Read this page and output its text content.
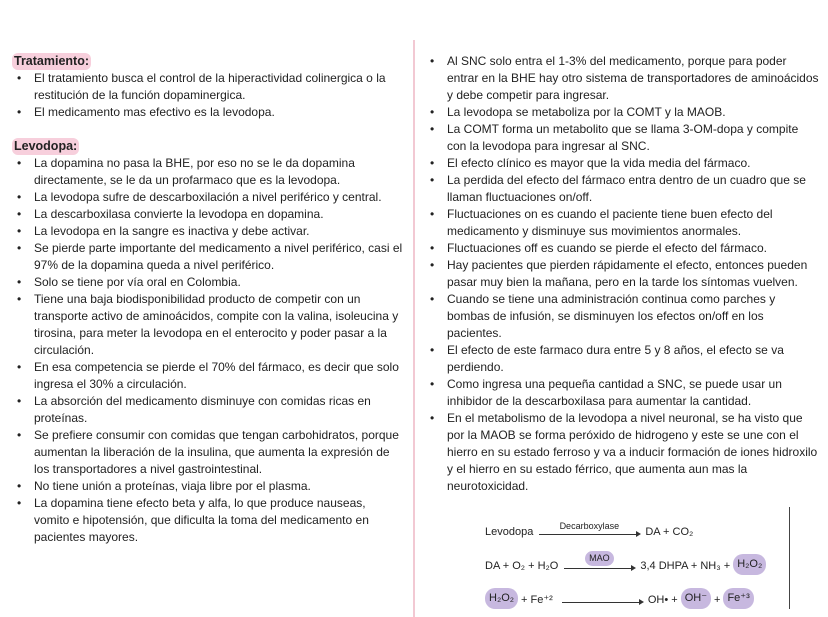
Tratamiento:
• El tratamiento busca el control de la hiperactividad colinergica o la restitución de la función dopaminergica.
• El medicamento mas efectivo es la levodopa.
Levodopa:
• La dopamina no pasa la BHE, por eso no se le da dopamina directamente, se le da un profarmaco que es la levodopa.
• La levodopa sufre de descarboxilación a nivel periférico y central.
• La descarboxilasa convierte la levodopa en dopamina.
• La levodopa en la sangre es inactiva y debe activar.
• Se pierde parte importante del medicamento a nivel periférico, casi el 97% de la dopamina queda a nivel periférico.
• Solo se tiene por vía oral en Colombia.
• Tiene una baja biodisponibilidad producto de competir con un transporte activo de aminoácidos, compite con la valina, isoleucina y tirosina, para meter la levodopa en el enterocito y poder pasar a la circulación.
• En esa competencia se pierde el 70% del fármaco, es decir que solo ingresa el 30% a circulación.
• La absorción del medicamento disminuye con comidas ricas en proteínas.
• Se prefiere consumir con comidas que tengan carbohidratos, porque aumentan la liberación de la insulina, que aumenta la expresión de los transportadores a nivel gastrointestinal.
• No tiene unión a proteínas, viaja libre por el plasma.
• La dopamina tiene efecto beta y alfa, lo que produce nauseas, vomito e hipotensión, que dificulta la toma del medicamento en pacientes mayores.
• Al SNC solo entra el 1-3% del medicamento, porque para poder entrar en la BHE hay otro sistema de transportadores de aminoácidos y debe competir para ingresar.
• La levodopa se metaboliza por la COMT y la MAOB.
• La COMT forma un metabolito que se llama 3-OM-dopa y compite con la levodopa para ingresar al SNC.
• El efecto clínico es mayor que la vida media del fármaco.
• La perdida del efecto del fármaco entra dentro de un cuadro que se llaman fluctuaciones on/off.
• Fluctuaciones on es cuando el paciente tiene buen efecto del medicamento y disminuye sus movimientos anormales.
• Fluctuaciones off es cuando se pierde el efecto del fármaco.
• Hay pacientes que pierden rápidamente el efecto, entonces pueden pasar muy bien la mañana, pero en la tarde los síntomas vuelven.
• Cuando se tiene una administración continua como parches y bombas de infusión, se disminuyen los efectos on/off en los pacientes.
• El efecto de este farmaco dura entre 5 y 8 años, el efecto se va perdiendo.
• Como ingresa una pequeña cantidad a SNC, se puede usar un inhibidor de la descarboxilasa para aumentar la cantidad.
• En el metabolismo de la levodopa a nivel neuronal, se ha visto que por la MAOB se forma peróxido de hidrogeno y este se une con el hierro en su estado ferroso y va a inducir formación de iones hidroxilo y el hierro en su estado férrico, que aumenta aun mas la neurotoxicidad.
Levodopa	Decarboxylase DA + CO₂
DA + O₂ + H₂O
MAO
3,4 DHPA + NH₃ + H₂O₂
H₂O₂ + Fe⁺²	OH• + OH⁻ + Fe⁺³
